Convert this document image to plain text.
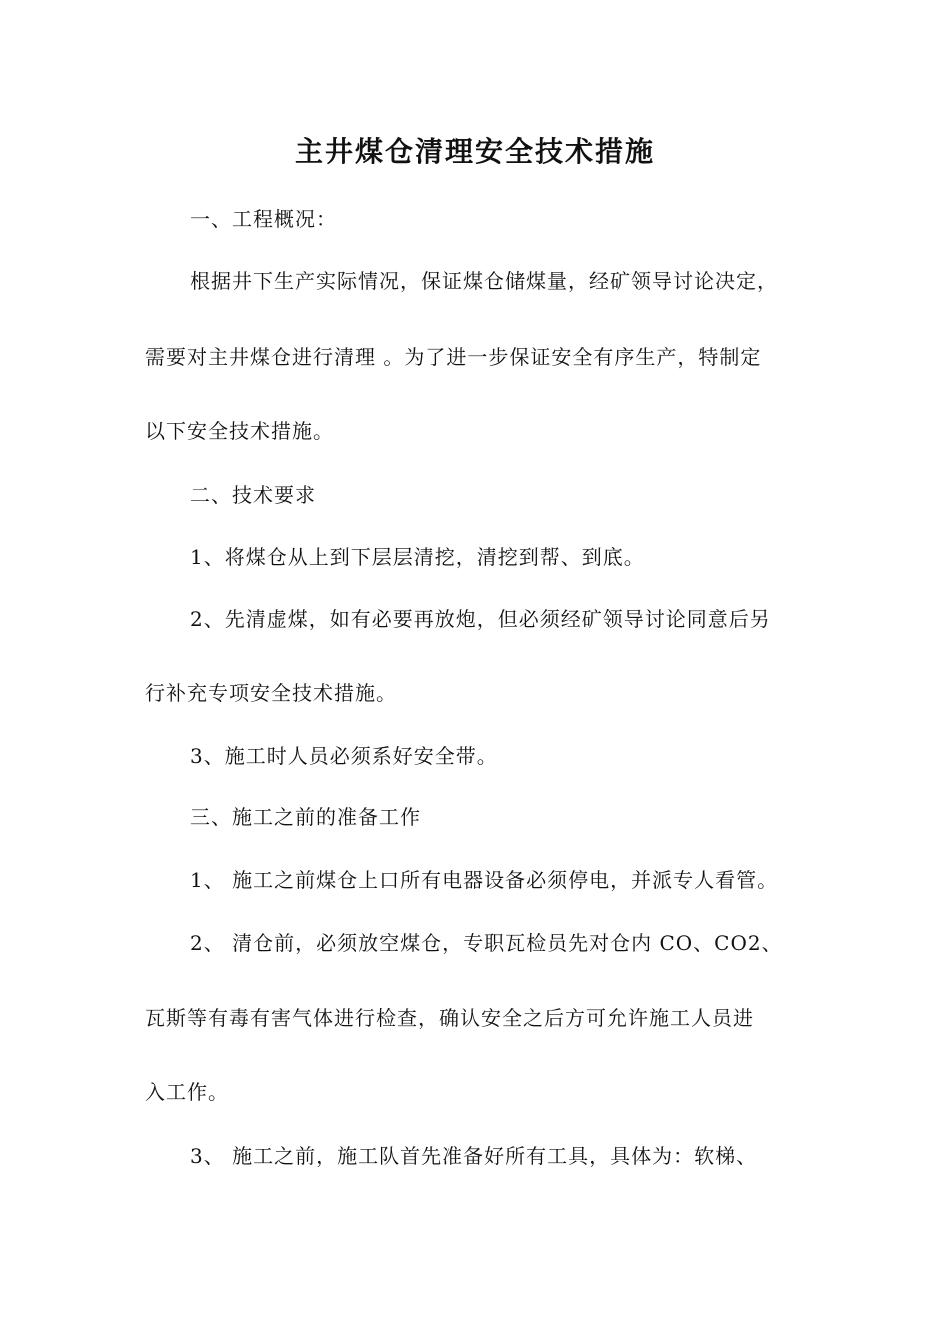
主井煤仓清理安全技术措施
一、工程概况：
根据井下生产实际情况，保证煤仓储煤量，经矿领导讨论决定，
需要对主井煤仓进行清理 。为了进一步保证安全有序生产，特制定
以下安全技术措施。
二、技术要求
1、将煤仓从上到下层层清挖，清挖到帮、到底。
2、先清虚煤，如有必要再放炮，但必须经矿领导讨论同意后另
行补充专项安全技术措施。
3、施工时人员必须系好安全带。
三、施工之前的准备工作
1、 施工之前煤仓上口所有电器设备必须停电，并派专人看管。
2、 清仓前，必须放空煤仓，专职瓦检员先对仓内 CO、CO2、
瓦斯等有毒有害气体进行检查，确认安全之后方可允许施工人员进
入工作。
3、 施工之前，施工队首先准备好所有工具，具体为：软梯、
